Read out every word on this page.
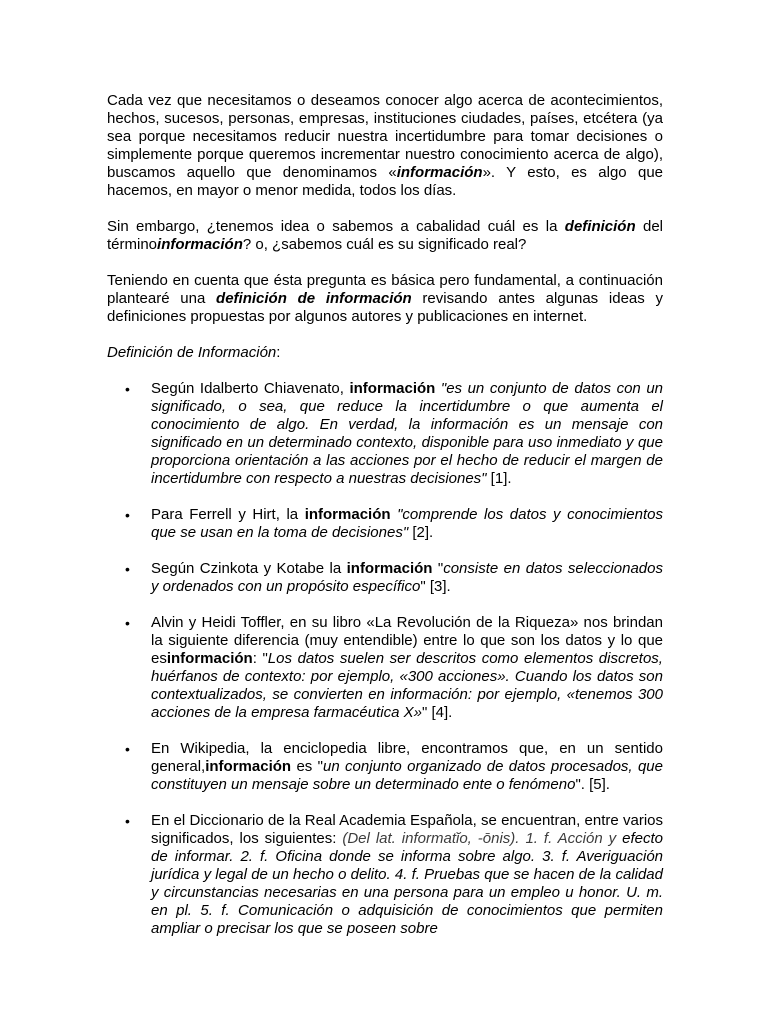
Cada vez que necesitamos o deseamos conocer algo acerca de acontecimientos, hechos, sucesos, personas, empresas, instituciones ciudades, países, etcétera (ya sea porque necesitamos reducir nuestra incertidumbre para tomar decisiones o simplemente porque queremos incrementar nuestro conocimiento acerca de algo), buscamos aquello que denominamos «información». Y esto, es algo que hacemos, en mayor o menor medida, todos los días.

Sin embargo, ¿tenemos idea o sabemos a cabalidad cuál es la definición del términoinformación? o, ¿sabemos cuál es su significado real?

Teniendo en cuenta que ésta pregunta es básica pero fundamental, a continuación plantearé una definición de información revisando antes algunas ideas y definiciones propuestas por algunos autores y publicaciones en internet.

Definición de Información:

• Según Idalberto Chiavenato, información "es un conjunto de datos con un significado, o sea, que reduce la incertidumbre o que aumenta el conocimiento de algo. En verdad, la información es un mensaje con significado en un determinado contexto, disponible para uso inmediato y que proporciona orientación a las acciones por el hecho de reducir el margen de incertidumbre con respecto a nuestras decisiones" [1].
• Para Ferrell y Hirt, la información "comprende los datos y conocimientos que se usan en la toma de decisiones" [2].
• Según Czinkota y Kotabe la información "consiste en datos seleccionados y ordenados con un propósito específico" [3].
• Alvin y Heidi Toffler, en su libro «La Revolución de la Riqueza» nos brindan la siguiente diferencia (muy entendible) entre lo que son los datos y lo que esinformación: "Los datos suelen ser descritos como elementos discretos, huérfanos de contexto: por ejemplo, «300 acciones». Cuando los datos son contextualizados, se convierten en información: por ejemplo, «tenemos 300 acciones de la empresa farmacéutica X»" [4].
• En Wikipedia, la enciclopedia libre, encontramos que, en un sentido general,información es "un conjunto organizado de datos procesados, que constituyen un mensaje sobre un determinado ente o fenómeno". [5].
• En el Diccionario de la Real Academia Española, se encuentran, entre varios significados, los siguientes: (Del lat. informatĭo, -ōnis). 1. f. Acción y efecto de informar. 2. f. Oficina donde se informa sobre algo. 3. f. Averiguación jurídica y legal de un hecho o delito. 4. f. Pruebas que se hacen de la calidad y circunstancias necesarias en una persona para un empleo u honor. U. m. en pl. 5. f. Comunicación o adquisición de conocimientos que permiten ampliar o precisar los que se poseen sobre
